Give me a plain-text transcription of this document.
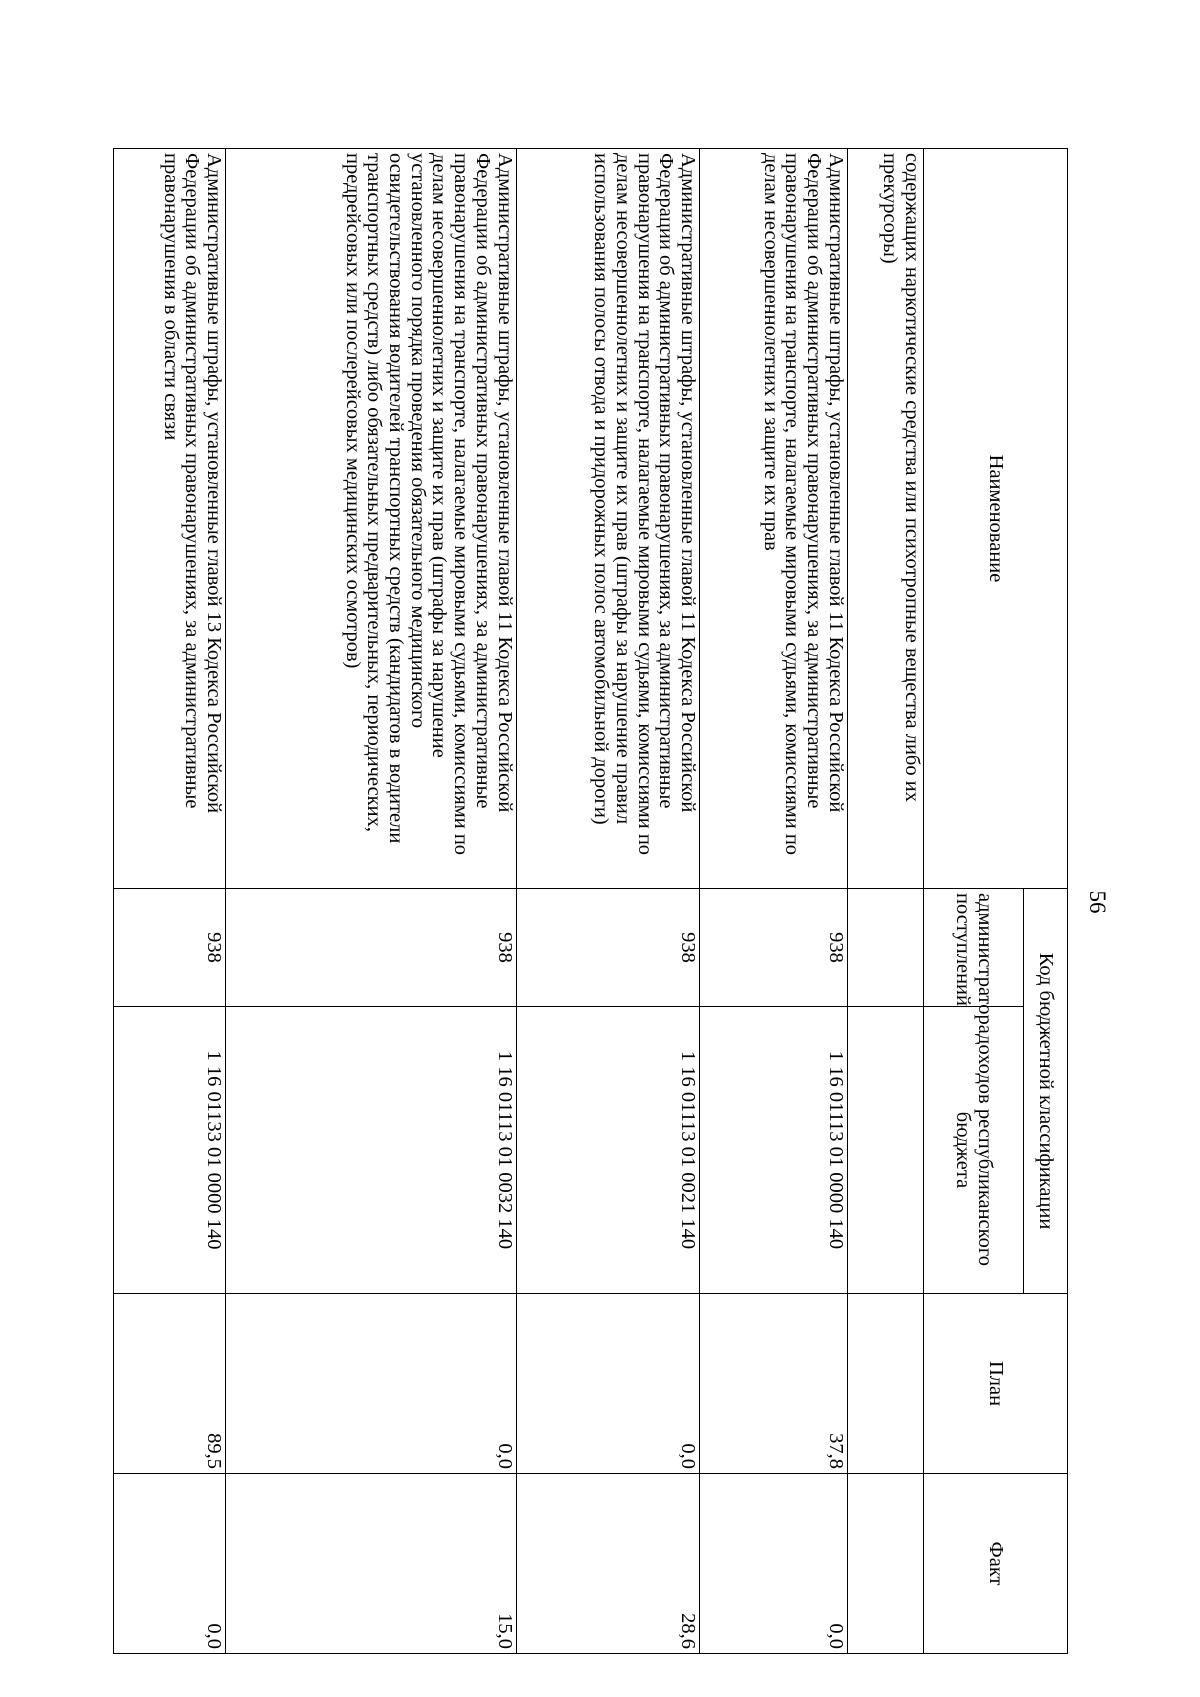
56
Наименование	Код бюджетной классификации		План	Факт
	администратора поступлений	доходов республиканского бюджета		
содержащих наркотические средства или психотропные вещества либо их прекурсоры)				
Административные штрафы, установленные главой 11 Кодекса Российской Федерации об административных правонарушениях, за административные правонарушения на транспорте, налагаемые мировыми судьями, комиссиями по делам несовершеннолетних и защите их прав	938	1 16 01113 01 0000 140	37,8	0,0
Административные штрафы, установленные главой 11 Кодекса Российской Федерации об административных правонарушениях, за административные правонарушения на транспорте, налагаемые мировыми судьями, комиссиями по делам несовершеннолетних и защите их прав (штрафы за нарушение правил использования полосы отвода и придорожных полос автомобильной дороги)	938	1 16 01113 01 0021 140	0,0	28,6
Административные штрафы, установленные главой 11 Кодекса Российской Федерации об административных правонарушениях, за административные правонарушения на транспорте, налагаемые мировыми судьями, комиссиями по делам несовершеннолетних и защите их прав (штрафы за нарушение установленного порядка проведения обязательного медицинского освидетельствования водителей транспортных средств (кандидатов в водители транспортных средств) либо обязательных предварительных, периодических, предрейсовых или послерейсовых медицинских осмотров)	938	1 16 01113 01 0032 140	0,0	15,0
Административные штрафы, установленные главой 13 Кодекса Российской Федерации об административных правонарушениях, за административные правонарушения в области связи	938	1 16 01133 01 0000 140	89,5	0,0
